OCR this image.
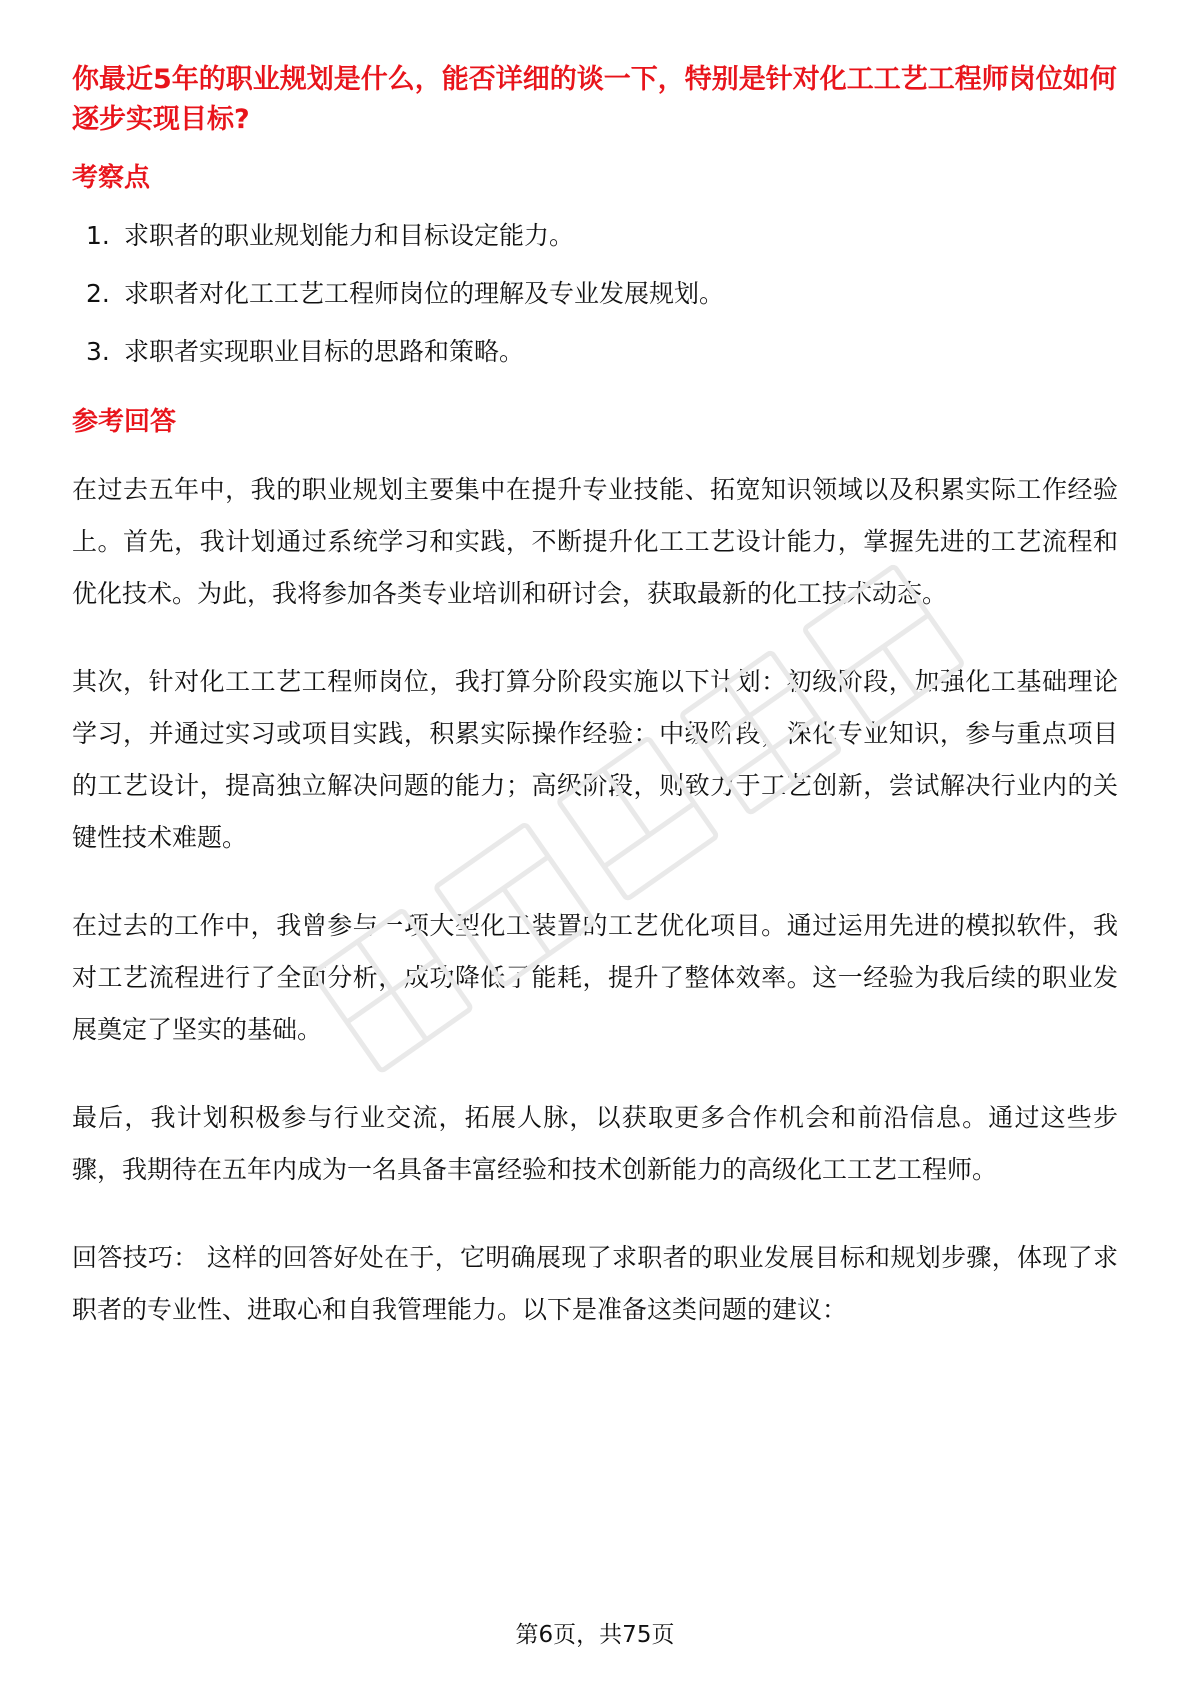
你最近5年的职业规划是什么，能否详细的谈一下，特别是针对化工工艺工程师岗位如何逐步实现目标?

考察点
1. 求职者的职业规划能力和目标设定能力。
2. 求职者对化工工艺工程师岗位的理解及专业发展规划。
3. 求职者实现职业目标的思路和策略。
参考回答

在过去五年中，我的职业规划主要集中在提升专业技能、拓宽知识领域以及积累实际工作经验上。首先，我计划通过系统学习和实践，不断提升化工工艺设计能力，掌握先进的工艺流程和优化技术。为此，我将参加各类专业培训和研讨会，获取最新的化工技术动态。

其次，针对化工工艺工程师岗位，我打算分阶段实施以下计划：初级阶段，加强化工基础理论学习，并通过实习或项目实践，积累实际操作经验；中级阶段，深化专业知识，参与重点项目的工艺设计，提高独立解决问题的能力；高级阶段，则致力于工艺创新，尝试解决行业内的关键性技术难题。

在过去的工作中，我曾参与一项大型化工装置的工艺优化项目。通过运用先进的模拟软件，我对工艺流程进行了全面分析，成功降低了能耗，提升了整体效率。这一经验为我后续的职业发展奠定了坚实的基础。

最后，我计划积极参与行业交流，拓展人脉，以获取更多合作机会和前沿信息。通过这些步骤，我期待在五年内成为一名具备丰富经验和技术创新能力的高级化工工艺工程师。

回答技巧： 这样的回答好处在于，它明确展现了求职者的职业发展目标和规划步骤，体现了求职者的专业性、进取心和自我管理能力。以下是准备这类问题的建议：

第6页，共75页
